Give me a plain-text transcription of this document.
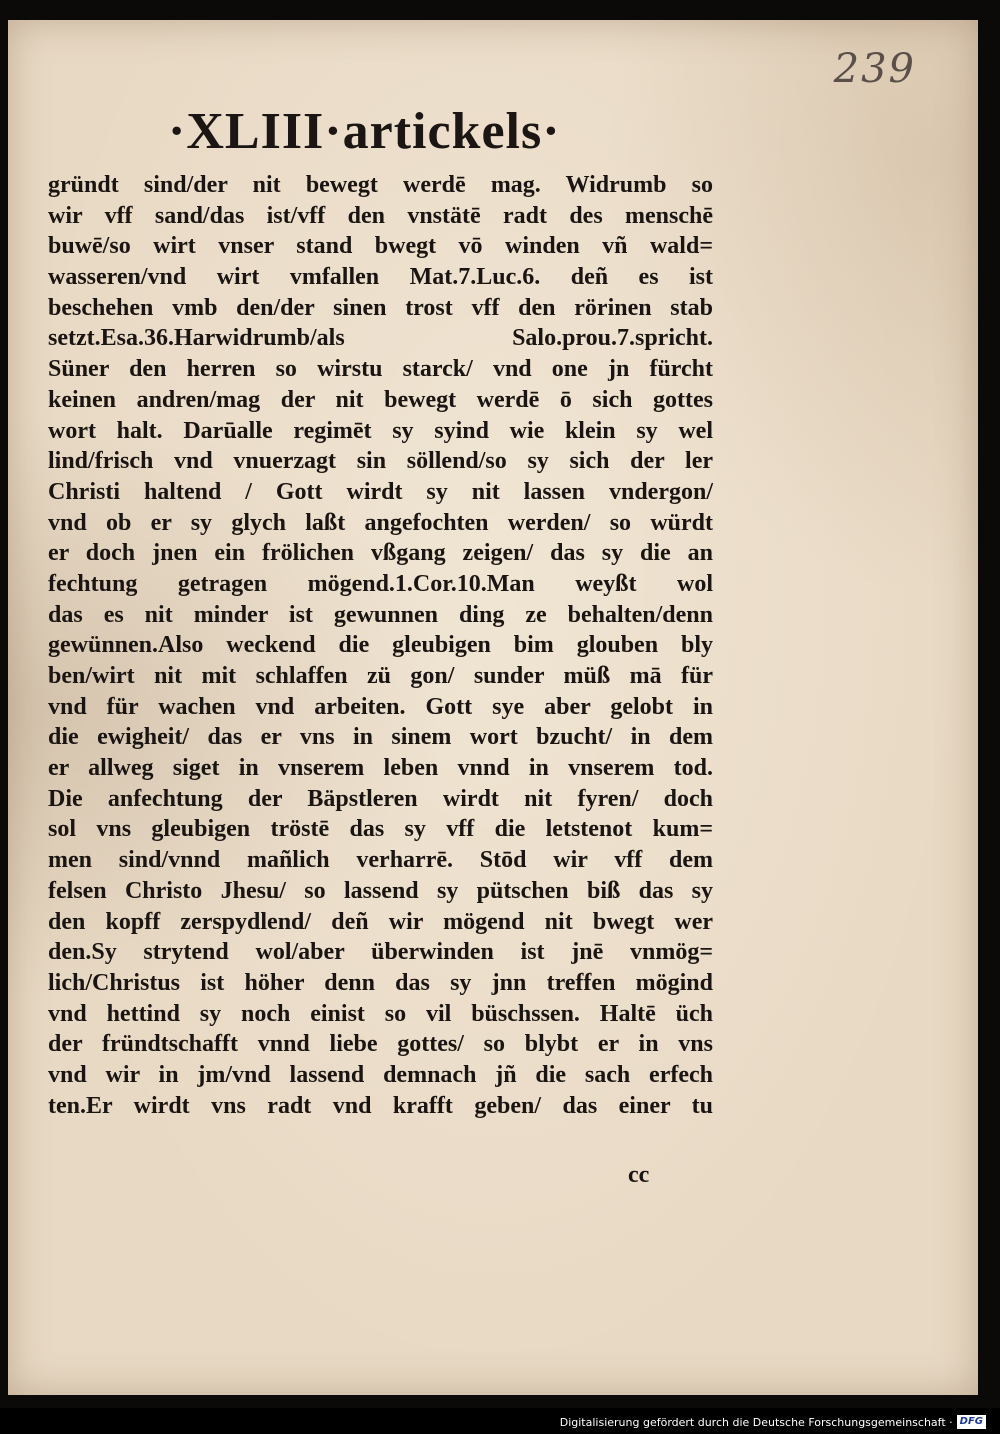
239
·XLIII·artickels·
gründt sind/der nit bewegt werdē mag. Widrumb so
wir vff sand/das ist/vff den vnstätē radt des menschē
buwē/so wirt vnser stand bwegt vō winden vñ wald=
wasseren/vnd wirt vmfallen Mat.7.Luc.6. deñ es ist
beschehen vmb den/der sinen trost vff den rörinen stab
setzt.Esa.36.Harwidrumb/als Salo.prou.7.spricht.
Süner den herren so wirstu starck/ vnd one jn fürcht
keinen andren/mag der nit bewegt werdē ō sich gottes
wort halt. Darūalle regimēt sy syind wie klein sy wel
lind/frisch vnd vnuerzagt sin söllend/so sy sich der ler
Christi haltend / Gott wirdt sy nit lassen vndergon/
vnd ob er sy glych laßt angefochten werden/ so würdt
er doch jnen ein frölichen vßgang zeigen/ das sy die an
fechtung getragen mögend.1.Cor.10.Man weyßt wol
das es nit minder ist gewunnen ding ze behalten/denn
gewünnen.Also weckend die gleubigen bim glouben bly
ben/wirt nit mit schlaffen zü gon/ sunder müß mā für
vnd für wachen vnd arbeiten. Gott sye aber gelobt in
die ewigheit/ das er vns in sinem wort bzucht/ in dem
er allweg siget in vnserem leben vnnd in vnserem tod.
Die anfechtung der Bäpstleren wirdt nit fyren/ doch
sol vns gleubigen tröstē das sy vff die letstenot kum=
men sind/vnnd mañlich verharrē. Stōd wir vff dem
felsen Christo Jhesu/ so lassend sy pütschen biß das sy
den kopff zerspydlend/ deñ wir mögend nit bwegt wer
den.Sy strytend wol/aber überwinden ist jnē vnmög=
lich/Christus ist höher denn das sy jnn treffen mögind
vnd hettind sy noch einist so vil büschssen. Haltē üch
der fründtschafft vnnd liebe gottes/ so blybt er in vns
vnd wir in jm/vnd lassend demnach jñ die sach erfech
ten.Er wirdt vns radt vnd krafft geben/ das einer tu
cc
Digitalisierung gefördert durch die Deutsche Forschungsgemeinschaft · DFG
